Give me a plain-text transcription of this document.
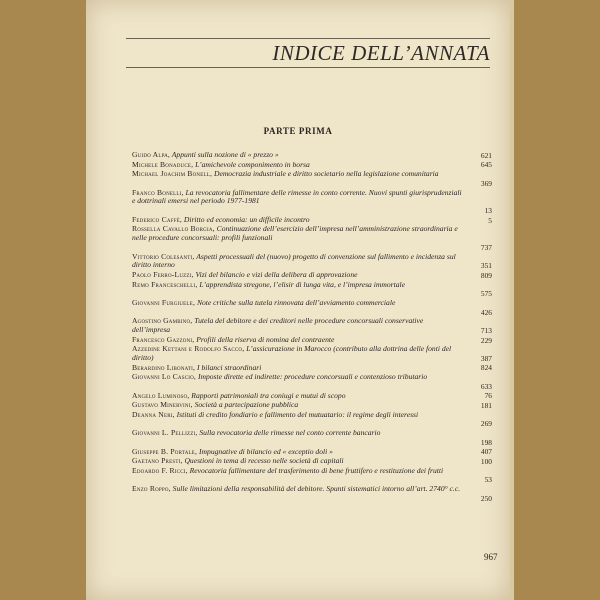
INDICE DELL’ANNATA
PARTE PRIMA
Guido Alpa, Appunti sulla nozione di « prezzo »	621
Michele Bonaduce, L’amichevole componimento in borsa	645
Michael Joachim Bonell, Democrazia industriale e diritto societario nella legislazione comunitaria
369
Franco Bonelli, La revocatoria fallimentare delle rimesse in conto corrente. Nuovi spunti giurisprudenziali e dottrinali emersi nel periodo 1977-1981
13
Federico Caffè, Diritto ed economia: un difficile incontro	5
Rossella Cavallo Borgia, Continuazione dell’esercizio dell’impresa nell’amministrazione straordinaria e nelle procedure concorsuali: profili funzionali
737
Vittorio Colesanti, Aspetti processuali del (nuovo) progetto di convenzione sul fallimento e incidenza sul diritto interno	351
Paolo Ferro-Luzzi, Vizi del bilancio e vizi della delibera di approvazione	809
Remo Franceschelli, L’apprendista stregone, l’elisir di lunga vita, e l’impresa immortale
575
Giovanni Furgiuele, Note critiche sulla tutela rinnovata dell’avviamento commerciale
426
Agostino Gambino, Tutela del debitore e dei creditori nelle procedure concorsuali conservative dell’impresa	713
Francesco Gazzoni, Profili della riserva di nomina del contraente	229
Azzedine Kettani e Rodolfo Sacco, L’assicurazione in Marocco (contributo alla dottrina delle fonti del diritto)	387
Berardino Libonati, I bilanci straordinari	824
Giovanni Lo Cascio, Imposte dirette ed indirette: procedure concorsuali e contenzioso tributario
633
Angelo Luminoso, Rapporti patrimoniali tra coniugi e mutui di scopo	76
Gustavo Minervini, Società a partecipazione pubblica	181
Deanna Neri, Istituti di credito fondiario e fallimento del mutuatario: il regime degli interessi
269
Giovanni L. Pellizzi, Sulla revocatoria delle rimesse nel conto corrente bancario
198
Giuseppe B. Portale, Impugnative di bilancio ed « exceptio doli »	407
Gaetano Presti, Questioni in tema di recesso nelle società di capitali	100
Edoardo F. Ricci, Revocatoria fallimentare del trasferimento di bene fruttifero e restituzione dei frutti
53
Enzo Roppo, Sulle limitazioni della responsabilità del debitore. Spunti sistematici intorno all’art. 2740° c.c.
250
967
